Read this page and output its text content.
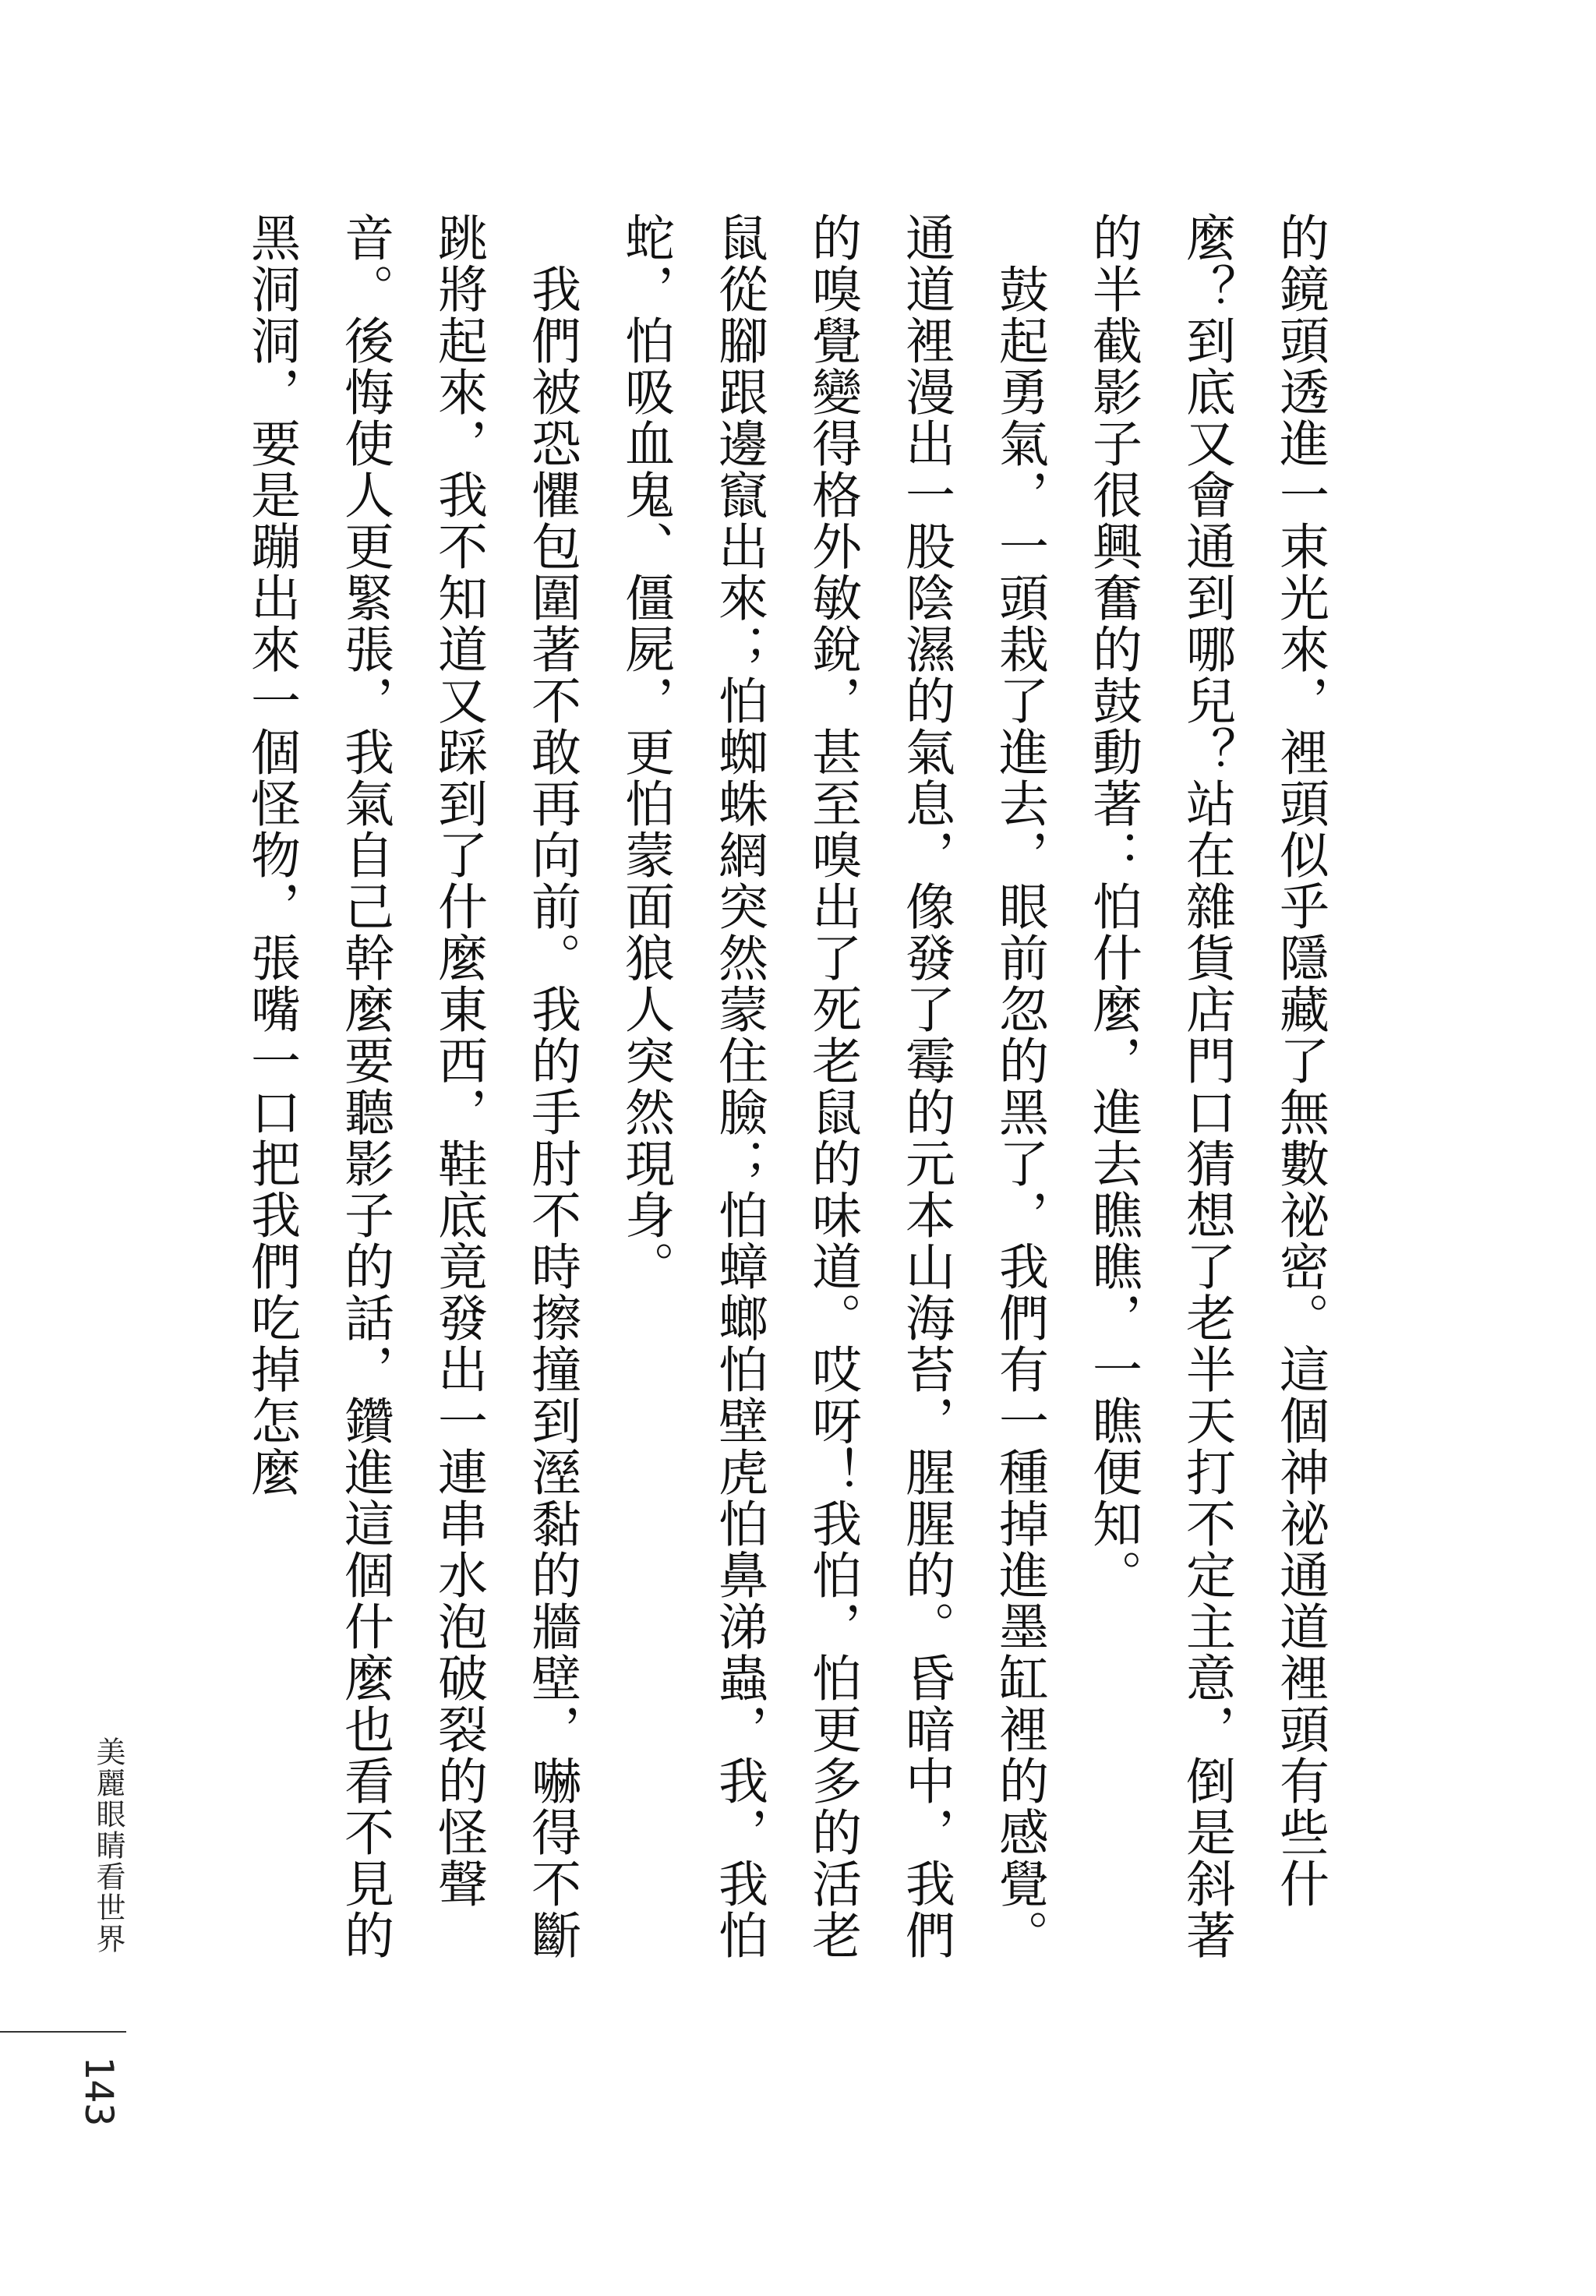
的鏡頭透進一束光來，裡頭似乎隱藏了無數祕密。這個神祕通道裡頭有些什麼？到底又會通到哪兒？站在雜貨店門口猜想了老半天打不定主意，倒是斜著的半截影子很興奮的鼓動著：怕什麼，進去瞧瞧，一瞧便知。

　鼓起勇氣，一頭栽了進去，眼前忽的黑了，我們有一種掉進墨缸裡的感覺。通道裡漫出一股陰濕的氣息，像發了霉的元本山海苔，腥腥的。昏暗中，我們的嗅覺變得格外敏銳，甚至嗅出了死老鼠的味道。哎呀！我怕，怕更多的活老鼠從腳跟邊竄出來；怕蜘蛛網突然蒙住臉；怕蟑螂怕壁虎怕鼻涕蟲，我，我怕蛇，怕吸血鬼、僵屍，更怕蒙面狼人突然現身。

　我們被恐懼包圍著不敢再向前。我的手肘不時擦撞到溼黏的牆壁，嚇得不斷跳將起來，我不知道又踩到了什麼東西，鞋底竟發出一連串水泡破裂的怪聲音。後悔使人更緊張，我氣自己幹麼要聽影子的話，鑽進這個什麼也看不見的黑洞洞，要是蹦出來一個怪物，張嘴一口把我們吃掉怎麼

美麗眼睛看世界
143
